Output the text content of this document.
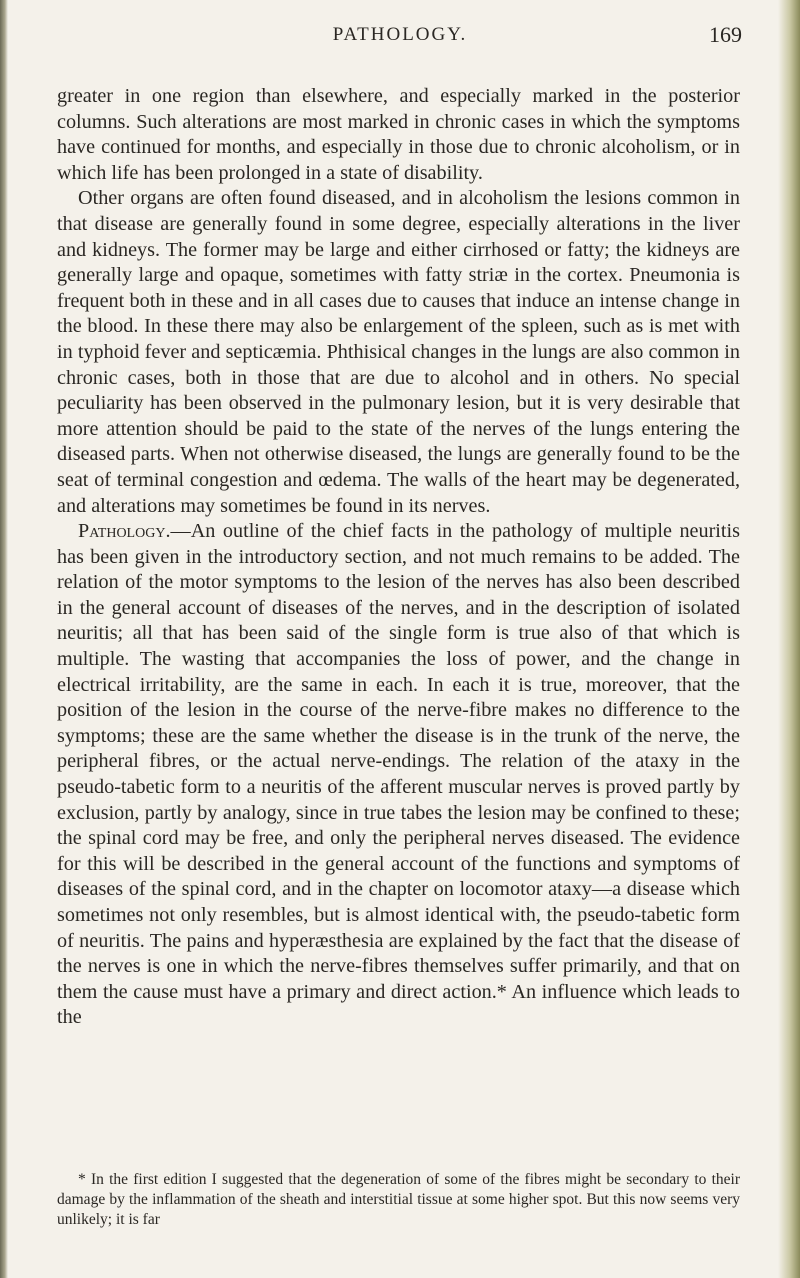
PATHOLOGY.	169

greater in one region than elsewhere, and especially marked in the posterior columns. Such alterations are most marked in chronic cases in which the symptoms have continued for months, and especially in those due to chronic alcoholism, or in which life has been prolonged in a state of disability.

Other organs are often found diseased, and in alcoholism the lesions common in that disease are generally found in some degree, especially alterations in the liver and kidneys. The former may be large and either cirrhosed or fatty; the kidneys are generally large and opaque, sometimes with fatty striæ in the cortex. Pneumonia is frequent both in these and in all cases due to causes that induce an intense change in the blood. In these there may also be enlargement of the spleen, such as is met with in typhoid fever and septicæmia. Phthisical changes in the lungs are also common in chronic cases, both in those that are due to alcohol and in others. No special peculiarity has been observed in the pulmonary lesion, but it is very desirable that more attention should be paid to the state of the nerves of the lungs entering the diseased parts. When not otherwise diseased, the lungs are generally found to be the seat of terminal congestion and œdema. The walls of the heart may be degenerated, and alterations may sometimes be found in its nerves.

Pathology.—An outline of the chief facts in the pathology of multiple neuritis has been given in the introductory section, and not much remains to be added. The relation of the motor symptoms to the lesion of the nerves has also been described in the general account of diseases of the nerves, and in the description of isolated neuritis; all that has been said of the single form is true also of that which is multiple. The wasting that accompanies the loss of power, and the change in electrical irritability, are the same in each. In each it is true, moreover, that the position of the lesion in the course of the nerve-fibre makes no difference to the symptoms; these are the same whether the disease is in the trunk of the nerve, the peripheral fibres, or the actual nerve-endings. The relation of the ataxy in the pseudo-tabetic form to a neuritis of the afferent muscular nerves is proved partly by exclusion, partly by analogy, since in true tabes the lesion may be confined to these; the spinal cord may be free, and only the peripheral nerves diseased. The evidence for this will be described in the general account of the functions and symptoms of diseases of the spinal cord, and in the chapter on locomotor ataxy—a disease which sometimes not only resembles, but is almost identical with, the pseudo-tabetic form of neuritis. The pains and hyperæsthesia are explained by the fact that the disease of the nerves is one in which the nerve-fibres themselves suffer primarily, and that on them the cause must have a primary and direct action.* An influence which leads to the

* In the first edition I suggested that the degeneration of some of the fibres might be secondary to their damage by the inflammation of the sheath and interstitial tissue at some higher spot. But this now seems very unlikely; it is far
